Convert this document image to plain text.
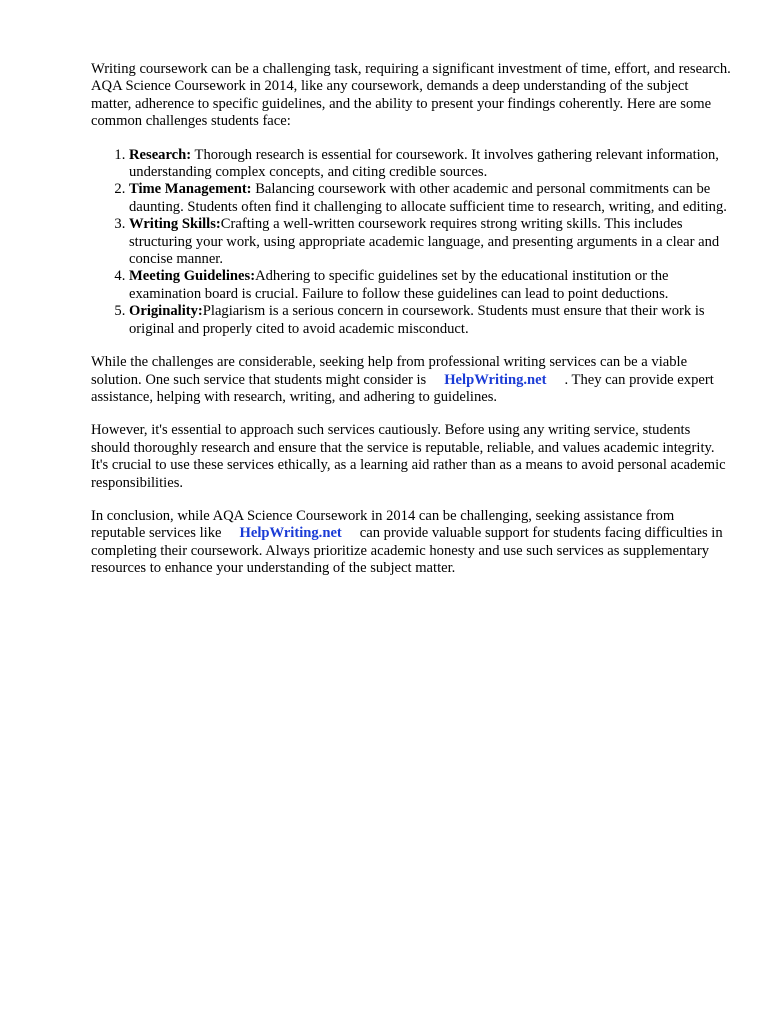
Writing coursework can be a challenging task, requiring a significant investment of time, effort, and research. AQA Science Coursework in 2014, like any coursework, demands a deep understanding of the subject matter, adherence to specific guidelines, and the ability to present your findings coherently. Here are some common challenges students face:

1. Research: Thorough research is essential for coursework. It involves gathering relevant information, understanding complex concepts, and citing credible sources.
2. Time Management: Balancing coursework with other academic and personal commitments can be daunting. Students often find it challenging to allocate sufficient time to research, writing, and editing.
3. Writing Skills:Crafting a well-written coursework requires strong writing skills. This includes structuring your work, using appropriate academic language, and presenting arguments in a clear and concise manner.
4. Meeting Guidelines:Adhering to specific guidelines set by the educational institution or the examination board is crucial. Failure to follow these guidelines can lead to point deductions.
5. Originality:Plagiarism is a serious concern in coursework. Students must ensure that their work is original and properly cited to avoid academic misconduct.

While the challenges are considerable, seeking help from professional writing services can be a viable solution. One such service that students might consider is HelpWriting.net . They can provide expert assistance, helping with research, writing, and adhering to guidelines.

However, it's essential to approach such services cautiously. Before using any writing service, students should thoroughly research and ensure that the service is reputable, reliable, and values academic integrity. It's crucial to use these services ethically, as a learning aid rather than as a means to avoid personal academic responsibilities.

In conclusion, while AQA Science Coursework in 2014 can be challenging, seeking assistance from reputable services like HelpWriting.net can provide valuable support for students facing difficulties in completing their coursework. Always prioritize academic honesty and use such services as supplementary resources to enhance your understanding of the subject matter.
